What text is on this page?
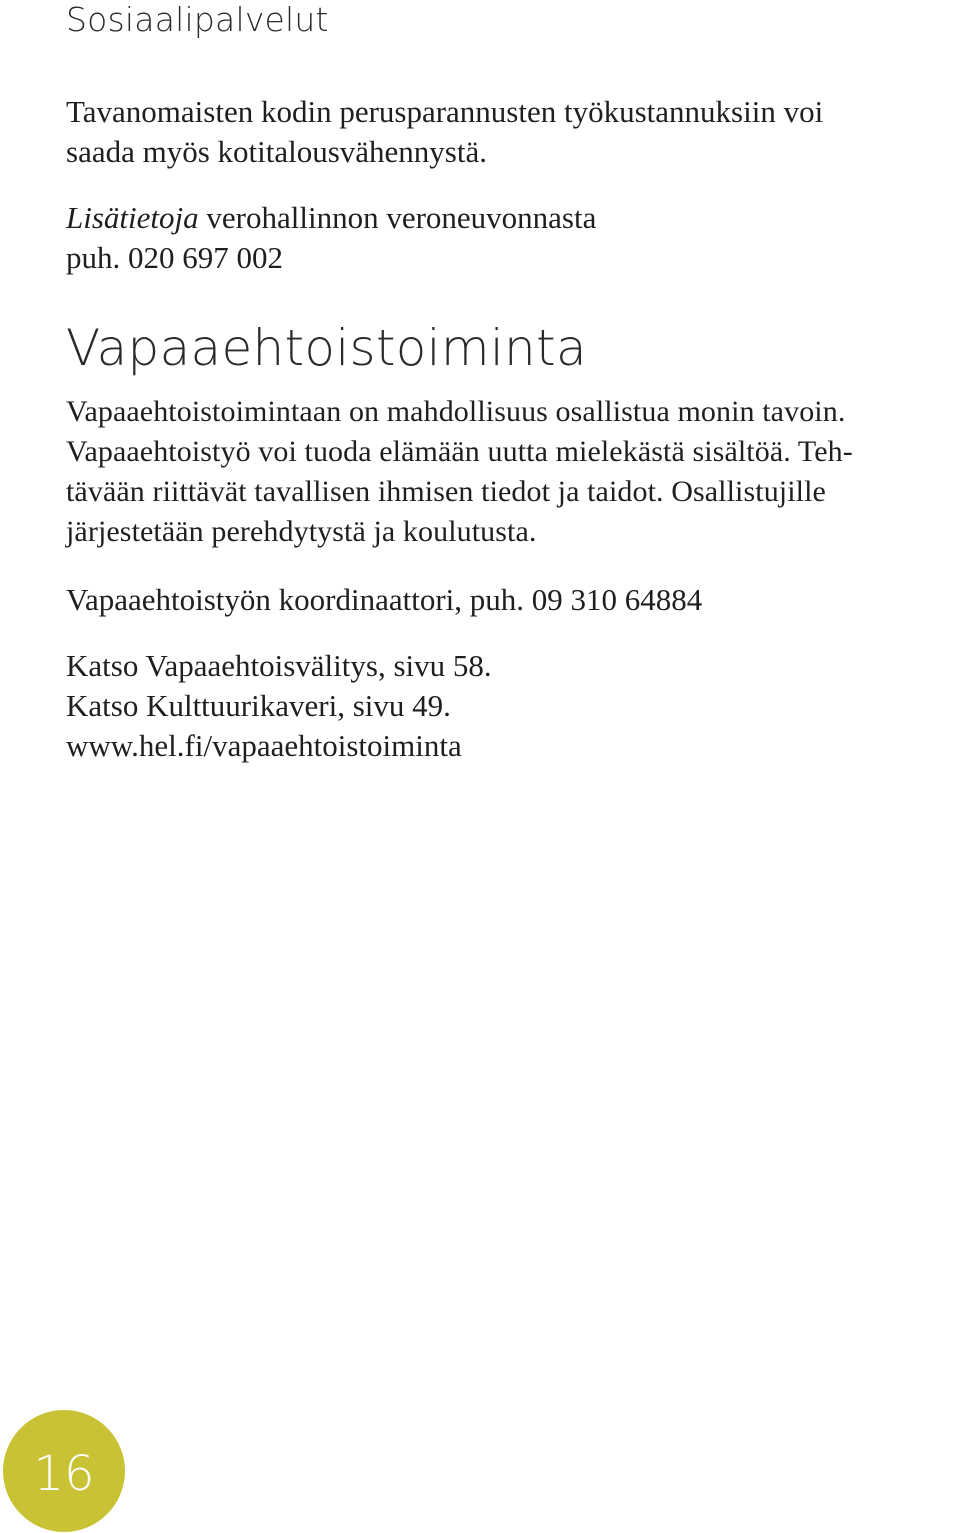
Sosiaalipalvelut

Tavanomaisten kodin perusparannusten työkustannuksiin voi

saada myös kotitalousvähennystä.

Lisätietoja verohallinnon veroneuvonnasta

puh. 020 697 002

Vapaaehtoistoiminta

Vapaaehtoistoimintaan on mahdollisuus osallistua monin tavoin.

Vapaaehtoistyö voi tuoda elämään uutta mielekästä sisältöä. Teh-

tävään riittävät tavallisen ihmisen tiedot ja taidot. Osallistujille

järjestetään perehdytystä ja koulutusta.

Vapaaehtoistyön koordinaattori, puh. 09 310 64884

Katso Vapaaehtoisvälitys, sivu 58.

Katso Kulttuurikaveri, sivu 49.

www.hel.fi/vapaaehtoistoiminta

16
